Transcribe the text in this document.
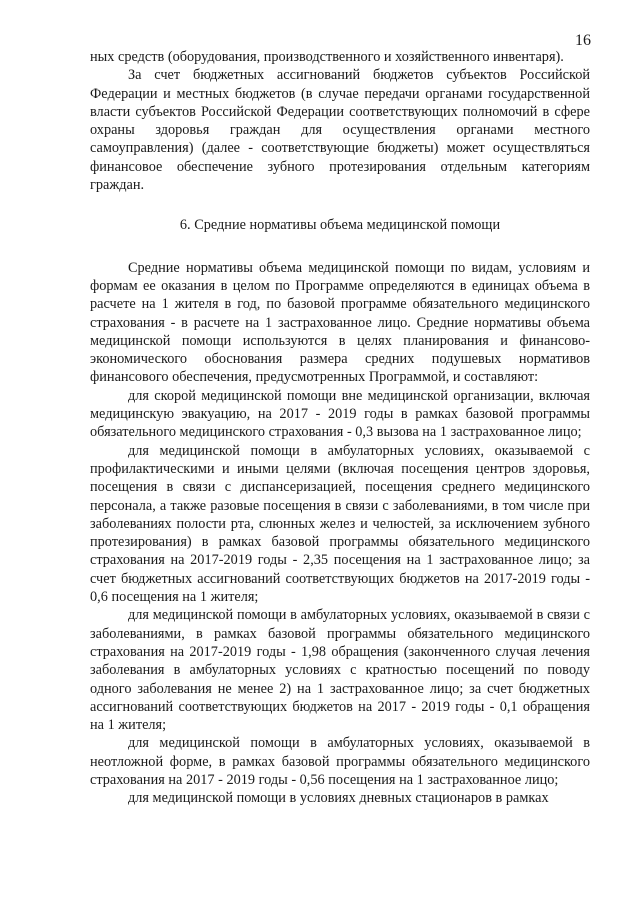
16

ных средств (оборудования, производственного и хозяйственного инвентаря).

За счет бюджетных ассигнований бюджетов субъектов Российской Федерации и местных бюджетов (в случае передачи органами государственной власти субъектов Российской Федерации соответствующих полномочий в сфере охраны здоровья граждан для осуществления органами местного самоуправления) (далее - соответствующие бюджеты) может осуществляться финансовое обеспечение зубного протезирования отдельным категориям граждан.

6. Средние нормативы объема медицинской помощи

Средние нормативы объема медицинской помощи по видам, условиям и формам ее оказания в целом по Программе определяются в единицах объема в расчете на 1 жителя в год, по базовой программе обязательного медицинского страхования - в расчете на 1 застрахованное лицо. Средние нормативы объема медицинской помощи используются в целях планирования и финансово-экономического обоснования размера средних подушевых нормативов финансового обеспечения, предусмотренных Программой, и составляют:

для скорой медицинской помощи вне медицинской организации, включая медицинскую эвакуацию, на 2017 - 2019 годы в рамках базовой программы обязательного медицинского страхования - 0,3 вызова на 1 застрахованное лицо;

для медицинской помощи в амбулаторных условиях, оказываемой с профилактическими и иными целями (включая посещения центров здоровья, посещения в связи с диспансеризацией, посещения среднего медицинского персонала, а также разовые посещения в связи с заболеваниями, в том числе при заболеваниях полости рта, слюнных желез и челюстей, за исключением зубного протезирования) в рамках базовой программы обязательного медицинского страхования на 2017-2019 годы - 2,35 посещения на 1 застрахованное лицо; за счет бюджетных ассигнований соответствующих бюджетов на 2017-2019 годы - 0,6 посещения на 1 жителя;

для медицинской помощи в амбулаторных условиях, оказываемой в связи с заболеваниями, в рамках базовой программы обязательного медицинского страхования на 2017-2019 годы - 1,98 обращения (законченного случая лечения заболевания в амбулаторных условиях с кратностью посещений по поводу одного заболевания не менее 2) на 1 застрахованное лицо; за счет бюджетных ассигнований соответствующих бюджетов на 2017 - 2019 годы - 0,1 обращения на 1 жителя;

для медицинской помощи в амбулаторных условиях, оказываемой в неотложной форме, в рамках базовой программы обязательного медицинского страхования на 2017 - 2019 годы - 0,56 посещения на 1 застрахованное лицо;

для медицинской помощи в условиях дневных стационаров в рамках
